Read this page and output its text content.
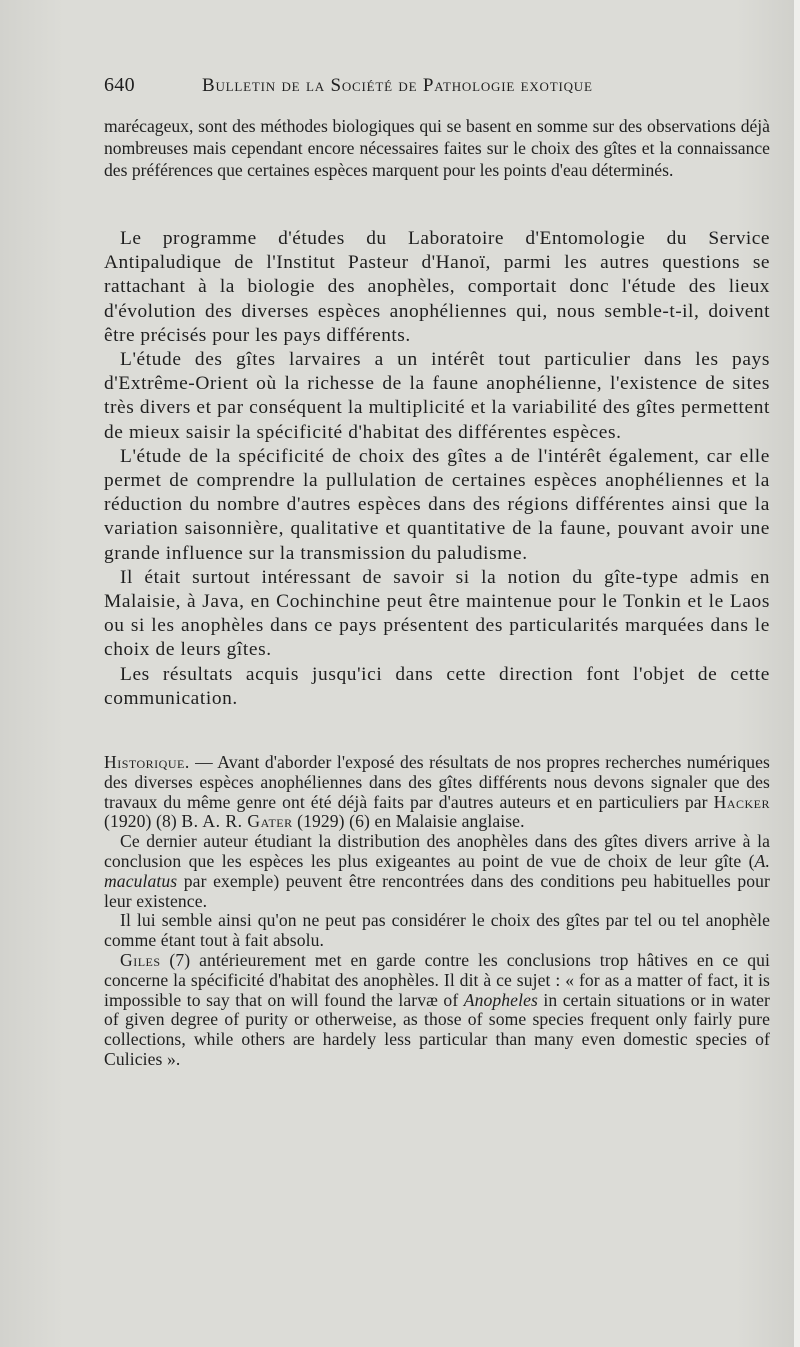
640	Bulletin de la Société de Pathologie exotique

marécageux, sont des méthodes biologiques qui se basent en somme sur des observations déjà nombreuses mais cependant encore nécessaires faites sur le choix des gîtes et la connaissance des préférences que certaines espèces marquent pour les points d'eau déterminés.

Le programme d'études du Laboratoire d'Entomologie du Service Antipaludique de l'Institut Pasteur d'Hanoï, parmi les autres questions se rattachant à la biologie des anophèles, comportait donc l'étude des lieux d'évolution des diverses espèces anophéliennes qui, nous semble-t-il, doivent être précisés pour les pays différents.

L'étude des gîtes larvaires a un intérêt tout particulier dans les pays d'Extrême-Orient où la richesse de la faune anophélienne, l'existence de sites très divers et par conséquent la multiplicité et la variabilité des gîtes permettent de mieux saisir la spécificité d'habitat des différentes espèces.

L'étude de la spécificité de choix des gîtes a de l'intérêt également, car elle permet de comprendre la pullulation de certaines espèces anophéliennes et la réduction du nombre d'autres espèces dans des régions différentes ainsi que la variation saisonnière, qualitative et quantitative de la faune, pouvant avoir une grande influence sur la transmission du paludisme.

Il était surtout intéressant de savoir si la notion du gîte-type admis en Malaisie, à Java, en Cochinchine peut être maintenue pour le Tonkin et le Laos ou si les anophèles dans ce pays présentent des particularités marquées dans le choix de leurs gîtes.

Les résultats acquis jusqu'ici dans cette direction font l'objet de cette communication.

Historique. — Avant d'aborder l'exposé des résultats de nos propres recherches numériques des diverses espèces anophéliennes dans des gîtes différents nous devons signaler que des travaux du même genre ont été déjà faits par d'autres auteurs et en particuliers par Hacker (1920) (8) B. A. R. Gater (1929) (6) en Malaisie anglaise.

Ce dernier auteur étudiant la distribution des anophèles dans des gîtes divers arrive à la conclusion que les espèces les plus exigeantes au point de vue de choix de leur gîte (A. maculatus par exemple) peuvent être rencontrées dans des conditions peu habituelles pour leur existence.

Il lui semble ainsi qu'on ne peut pas considérer le choix des gîtes par tel ou tel anophèle comme étant tout à fait absolu.

Giles (7) antérieurement met en garde contre les conclusions trop hâtives en ce qui concerne la spécificité d'habitat des anophèles. Il dit à ce sujet : « for as a matter of fact, it is impossible to say that on will found the larvæ of Anopheles in certain situations or in water of given degree of purity or otherweise, as those of some species frequent only fairly pure collections, while others are hardely less particular than many even domestic species of Culicies ».
